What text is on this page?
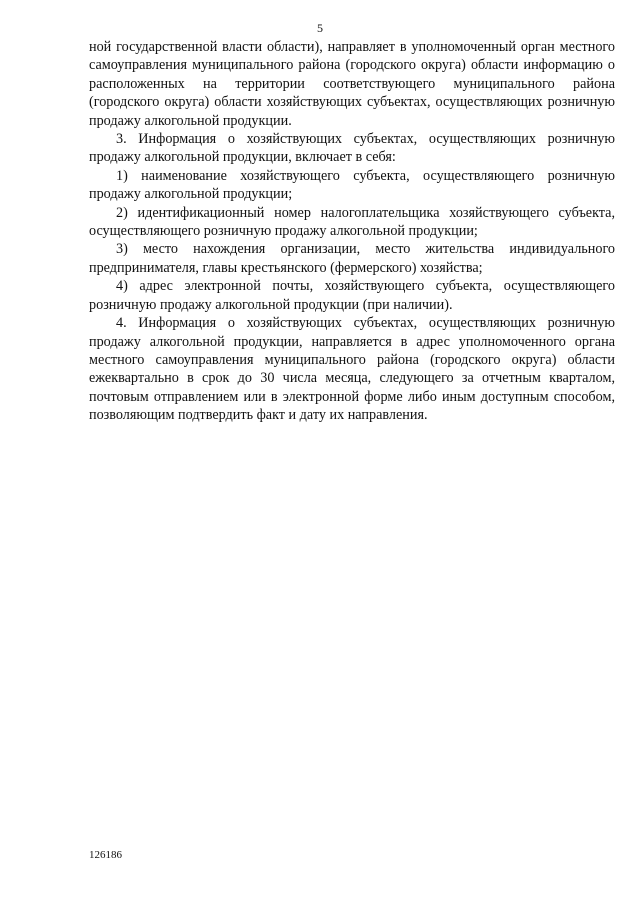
5

ной государственной власти области), направляет в уполномоченный орган местного самоуправления муниципального района (городского округа) области информацию о расположенных на территории соответствующего муниципального района (городского округа) области хозяйствующих субъектах, осуществляющих розничную продажу алкогольной продукции.

3. Информация о хозяйствующих субъектах, осуществляющих розничную продажу алкогольной продукции, включает в себя:

1) наименование хозяйствующего субъекта, осуществляющего розничную продажу алкогольной продукции;

2) идентификационный номер налогоплательщика хозяйствующего субъекта, осуществляющего розничную продажу алкогольной продукции;

3) место нахождения организации, место жительства индивидуального предпринимателя, главы крестьянского (фермерского) хозяйства;

4) адрес электронной почты, хозяйствующего субъекта, осуществляющего розничную продажу алкогольной продукции (при наличии).

4. Информация о хозяйствующих субъектах, осуществляющих розничную продажу алкогольной продукции, направляется в адрес уполномоченного органа местного самоуправления муниципального района (городского округа) области ежеквартально в срок до 30 числа месяца, следующего за отчетным кварталом, почтовым отправлением или в электронной форме либо иным доступным способом, позволяющим подтвердить факт и дату их направления.

126186
